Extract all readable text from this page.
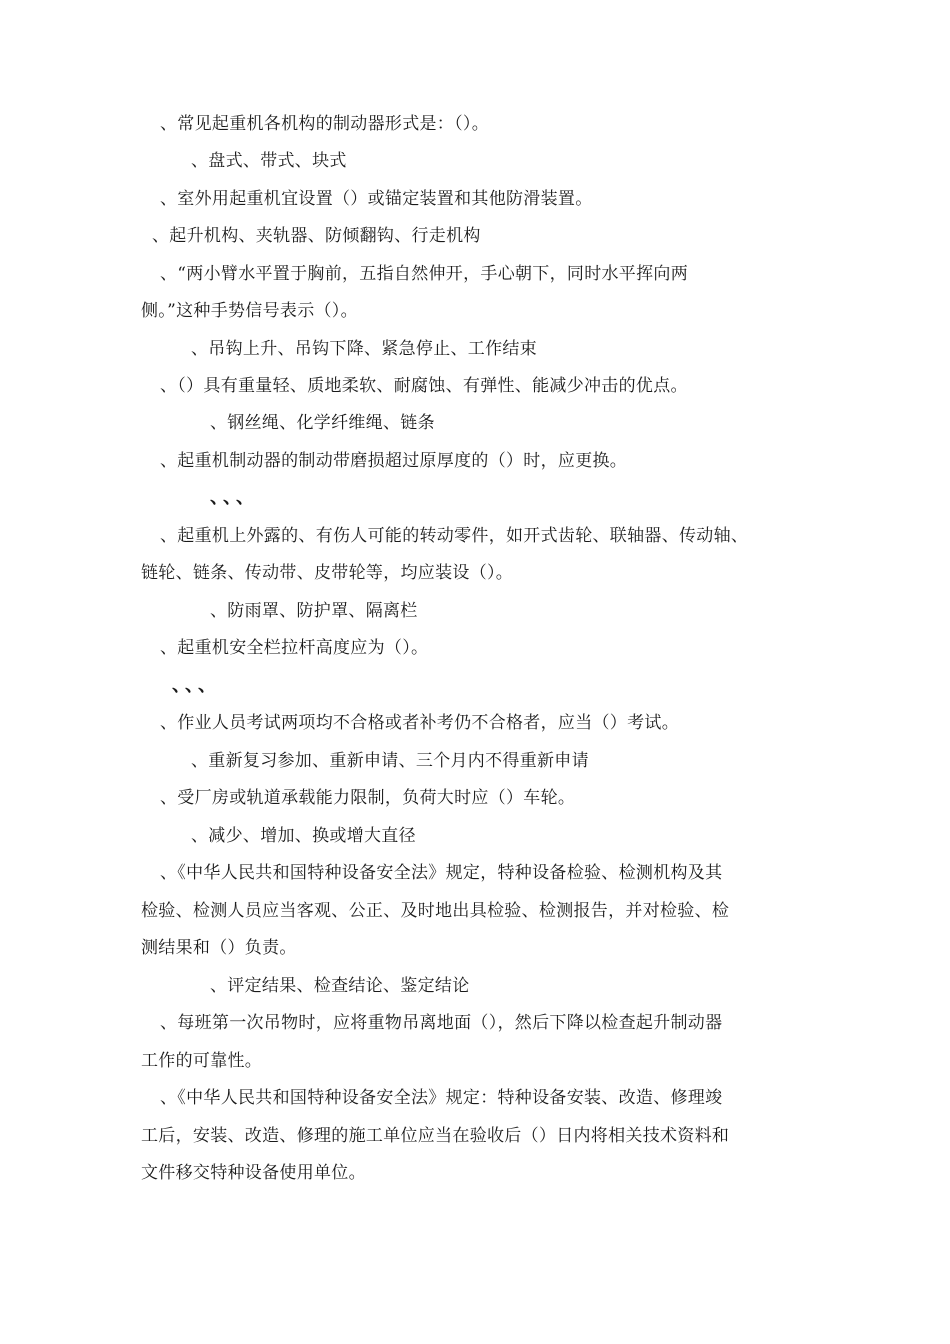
、常见起重机各机构的制动器形式是：（）。
、盘式、带式、块式
、室外用起重机宜设置（）或锚定装置和其他防滑装置。
、起升机构、夹轨器、防倾翻钩、行走机构
、“两小臂水平置于胸前，五指自然伸开，手心朝下，同时水平挥向两
侧。”这种手势信号表示（）。
、吊钩上升、吊钩下降、紧急停止、工作结束
、（）具有重量轻、质地柔软、耐腐蚀、有弹性、能减少冲击的优点。
、钢丝绳、化学纤维绳、链条
、起重机制动器的制动带磨损超过原厚度的（）时，应更换。
、、、
、起重机上外露的、有伤人可能的转动零件，如开式齿轮、联轴器、传动轴、
链轮、链条、传动带、皮带轮等，均应装设（）。
、防雨罩、防护罩、隔离栏
、起重机安全栏拉杆高度应为（）。
、、、
、作业人员考试两项均不合格或者补考仍不合格者，应当（）考试。
、重新复习参加、重新申请、三个月内不得重新申请
、受厂房或轨道承载能力限制，负荷大时应（）车轮。
、减少、增加、换或增大直径
、《中华人民共和国特种设备安全法》规定，特种设备检验、检测机构及其
检验、检测人员应当客观、公正、及时地出具检验、检测报告，并对检验、检
测结果和（）负责。
、评定结果、检查结论、鉴定结论
、每班第一次吊物时，应将重物吊离地面（），然后下降以检查起升制动器
工作的可靠性。
、《中华人民共和国特种设备安全法》规定：特种设备安装、改造、修理竣
工后，安装、改造、修理的施工单位应当在验收后（）日内将相关技术资料和
文件移交特种设备使用单位。
